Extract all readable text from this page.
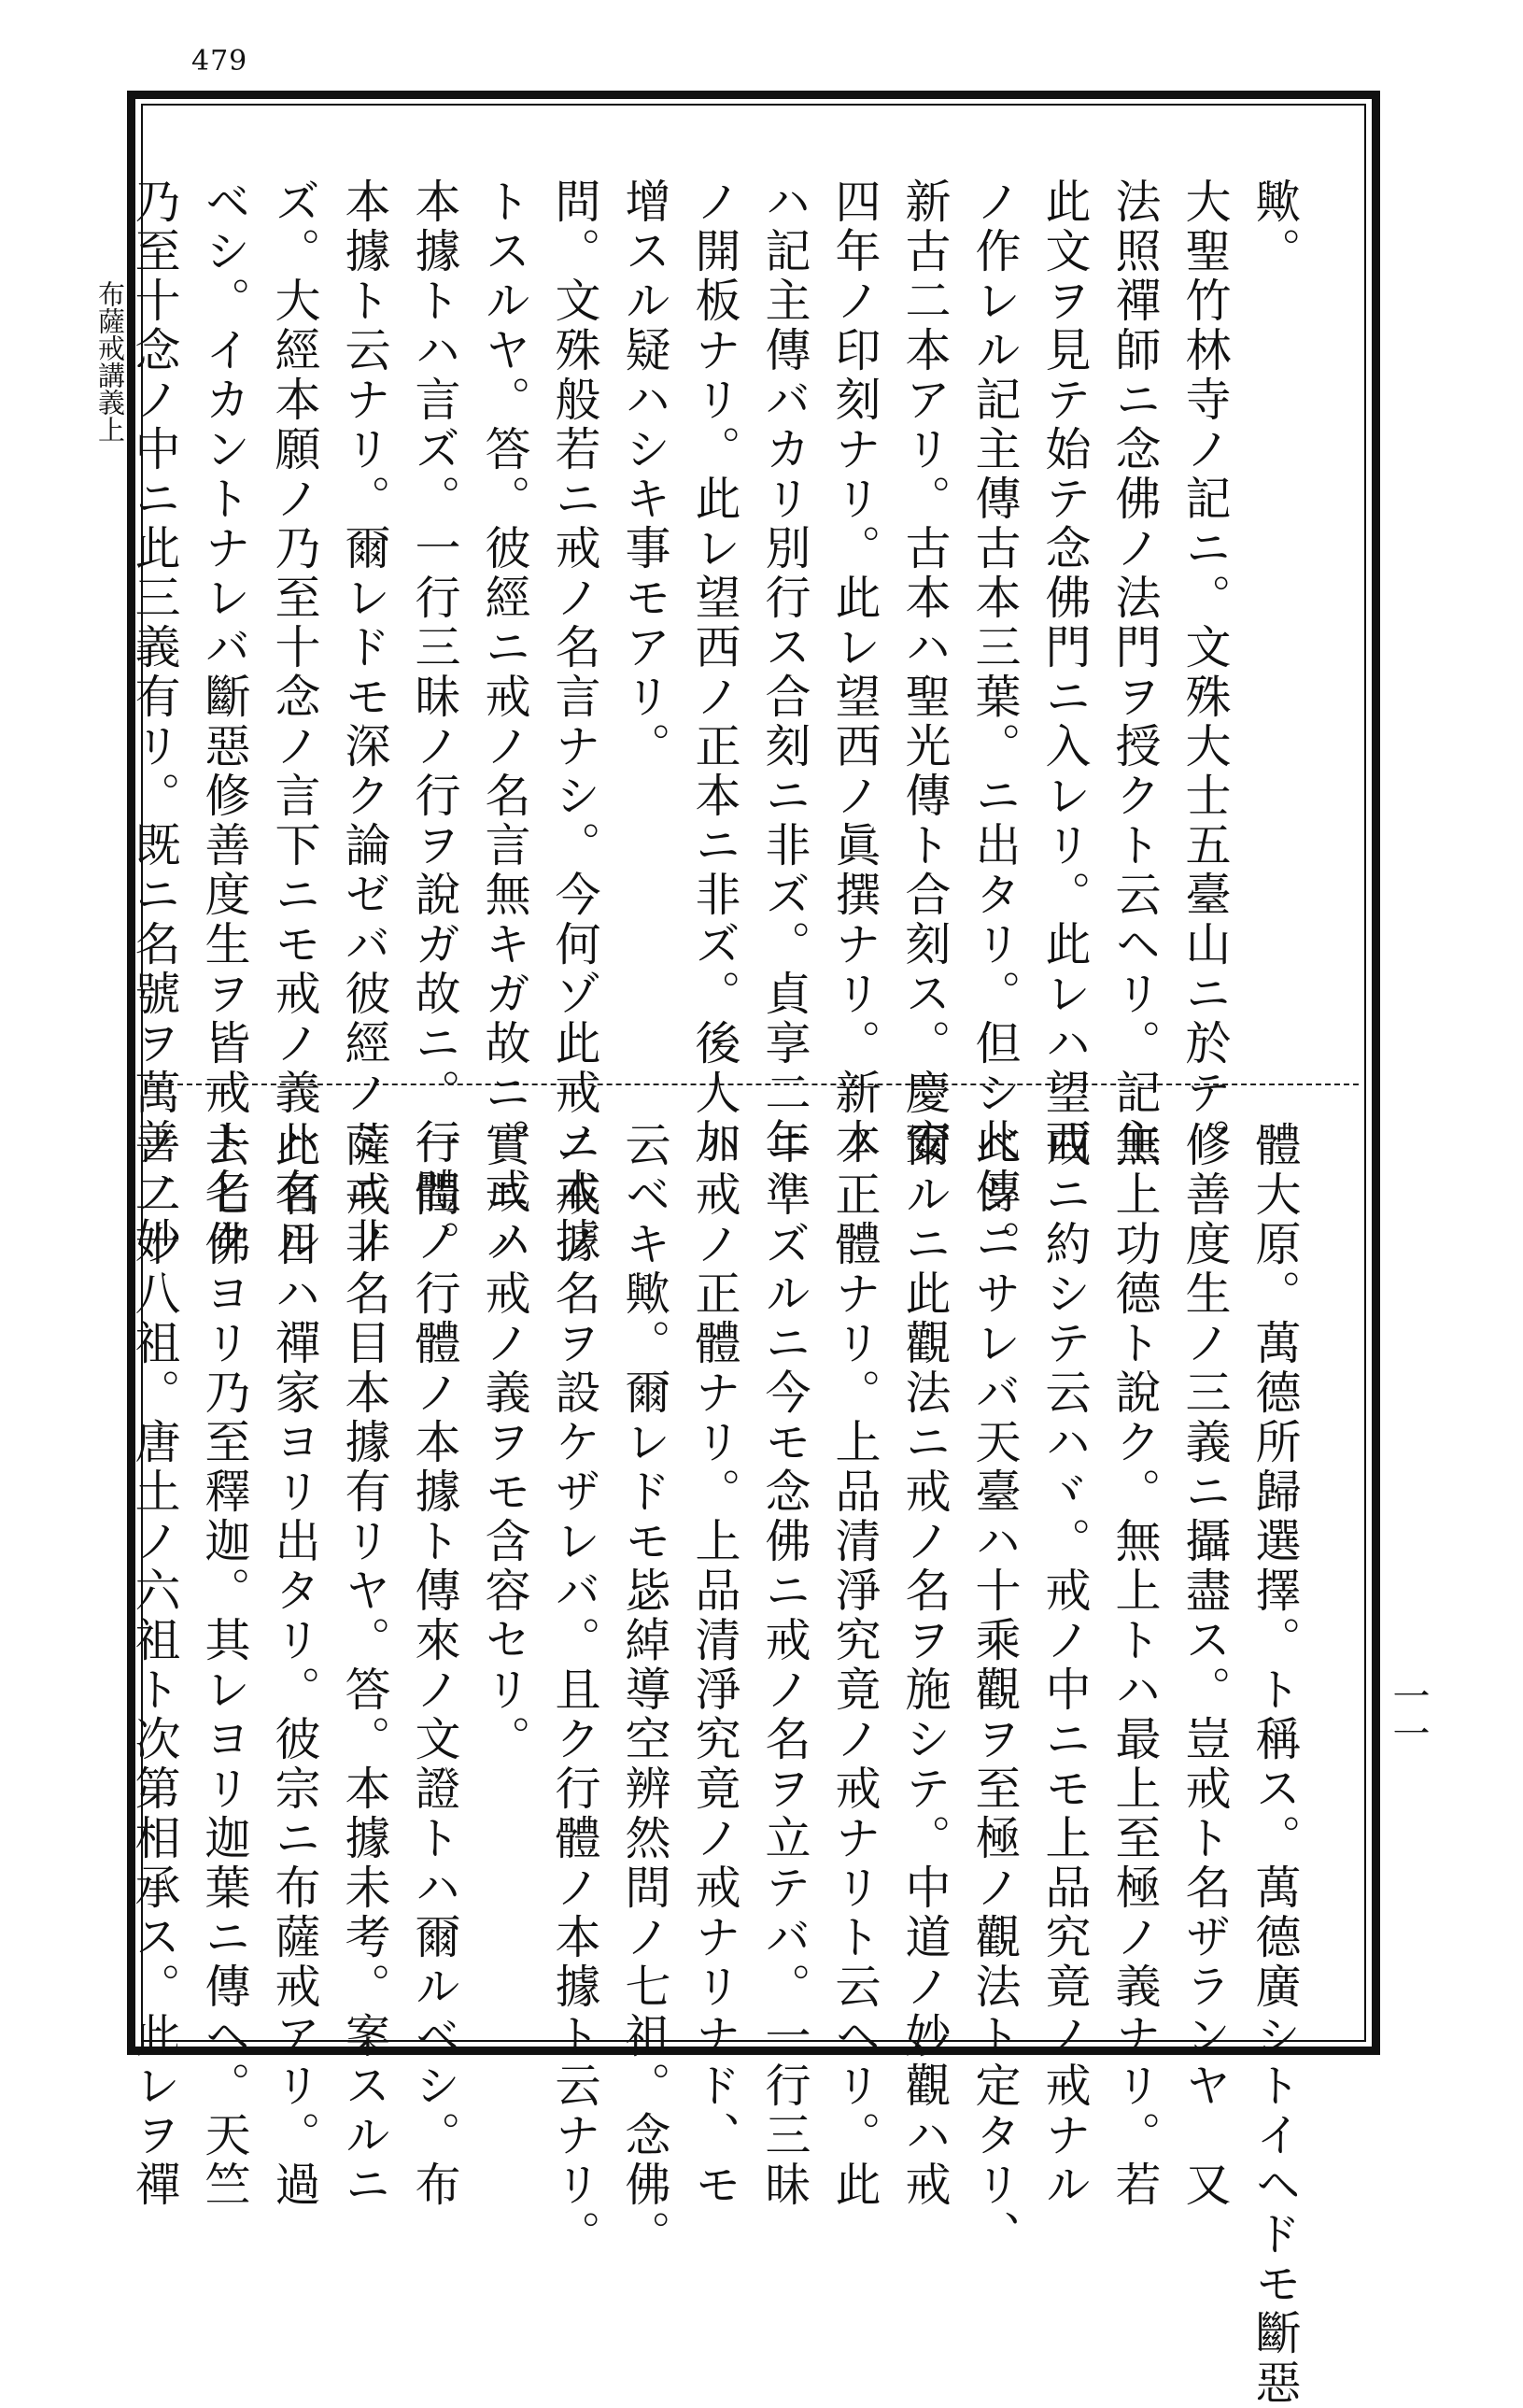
479
布薩戒講義上
一一
歟。
大聖竹林寺ノ記ニ。文殊大士五臺山ニ於テ。
法照禪師ニ念佛ノ法門ヲ授クト云ヘリ。記主
此文ヲ見テ始テ念佛門ニ入レリ。此レハ望西
ノ作レル記主傳古本三葉。ニ出タリ。但シ此傳ニ
新古二本アリ。古本ハ聖光傳ト合刻ス。慶安
四年ノ印刻ナリ。此レ望西ノ眞撰ナリ。新本
ハ記主傳バカリ別行ス合刻ニ非ズ。貞享二年
ノ開板ナリ。此レ望西ノ正本ニ非ズ。後人加
增スル疑ハシキ事モアリ。
問。文殊般若ニ戒ノ名言ナシ。今何ゾ此戒ノ本據
トスルヤ。答。彼經ニ戒ノ名言無キガ故ニ。戒ノ
本據トハ言ズ。一行三昧ノ行ヲ說ガ故ニ。行體ノ
本據ト云ナリ。爾レドモ深ク論ゼバ彼經ノミニ非
ズ。大經本願ノ乃至十念ノ言下ニモ戒ノ義ハ有ル
ベシ。イカントナレバ斷惡修善度生ヲ皆戒ト名ク
乃至十念ノ中ニ此三義有リ。既ニ名號ヲ萬善ノ妙
體大原。萬德所歸選擇。ト稱ス。萬德廣シトイヘドモ斷惡
修善度生ノ三義ニ攝盡ス。豈戒ト名ザランヤ　又
無上功德ト說ク。無上トハ最上至極ノ義ナリ。若
戒ニ約シテ云ハヾ。戒ノ中ニモ上品究竟ノ戒ナル
ベシ。サレバ天臺ハ十乘觀ヲ至極ノ觀法ト定タリ、
爾ルニ此觀法ニ戒ノ名ヲ施シテ。中道ノ妙觀ハ戒
ノ正體ナリ。上品清淨究竟ノ戒ナリト云ヘリ。此
ニ準ズルニ今モ念佛ニ戒ノ名ヲ立テバ。一行三昧
ハ戒ノ正體ナリ。上品清淨究竟ノ戒ナリナド、モ
云ベキ歟。爾レドモ毖綽導空辨然問ノ七祖。念佛。
ニ戒ノ名ヲ設ケザレバ。且ク行體ノ本據ト云ナリ。
實ニハ戒ノ義ヲモ含容セリ。
一問。行體ノ本據ト傳來ノ文證トハ爾ルベシ。布
薩戒ノ名目本據有リヤ。答。本據未考。案スルニ
此名目ハ禪家ヨリ出タリ。彼宗ニ布薩戒アリ。過
去七佛ヨリ乃至釋迦。其レヨリ迦葉ニ傳ヘ。天竺
ノ二十八祖。唐土ノ六祖ト次第相承ス。此レヲ禪
